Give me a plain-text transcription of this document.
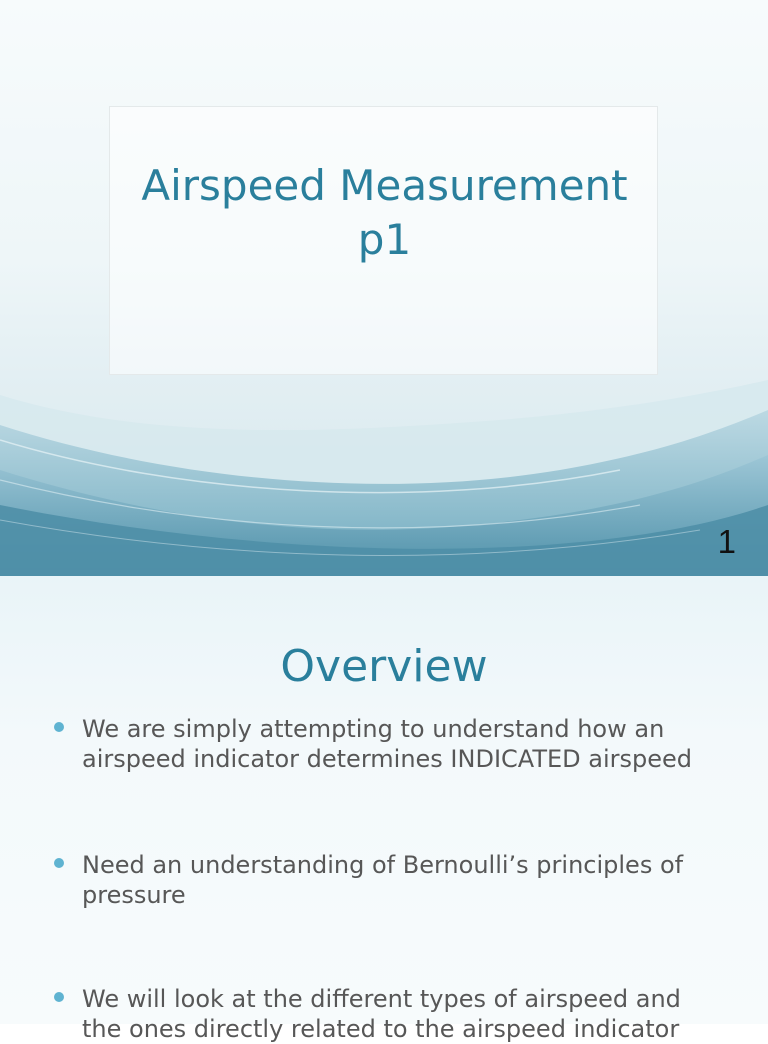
Airspeed Measurement p1
1
Overview
We are simply attempting to understand how an airspeed indicator determines INDICATED airspeed
Need an understanding of Bernoulli’s principles of pressure
We will look at the different types of airspeed and the ones directly related to the airspeed indicator
